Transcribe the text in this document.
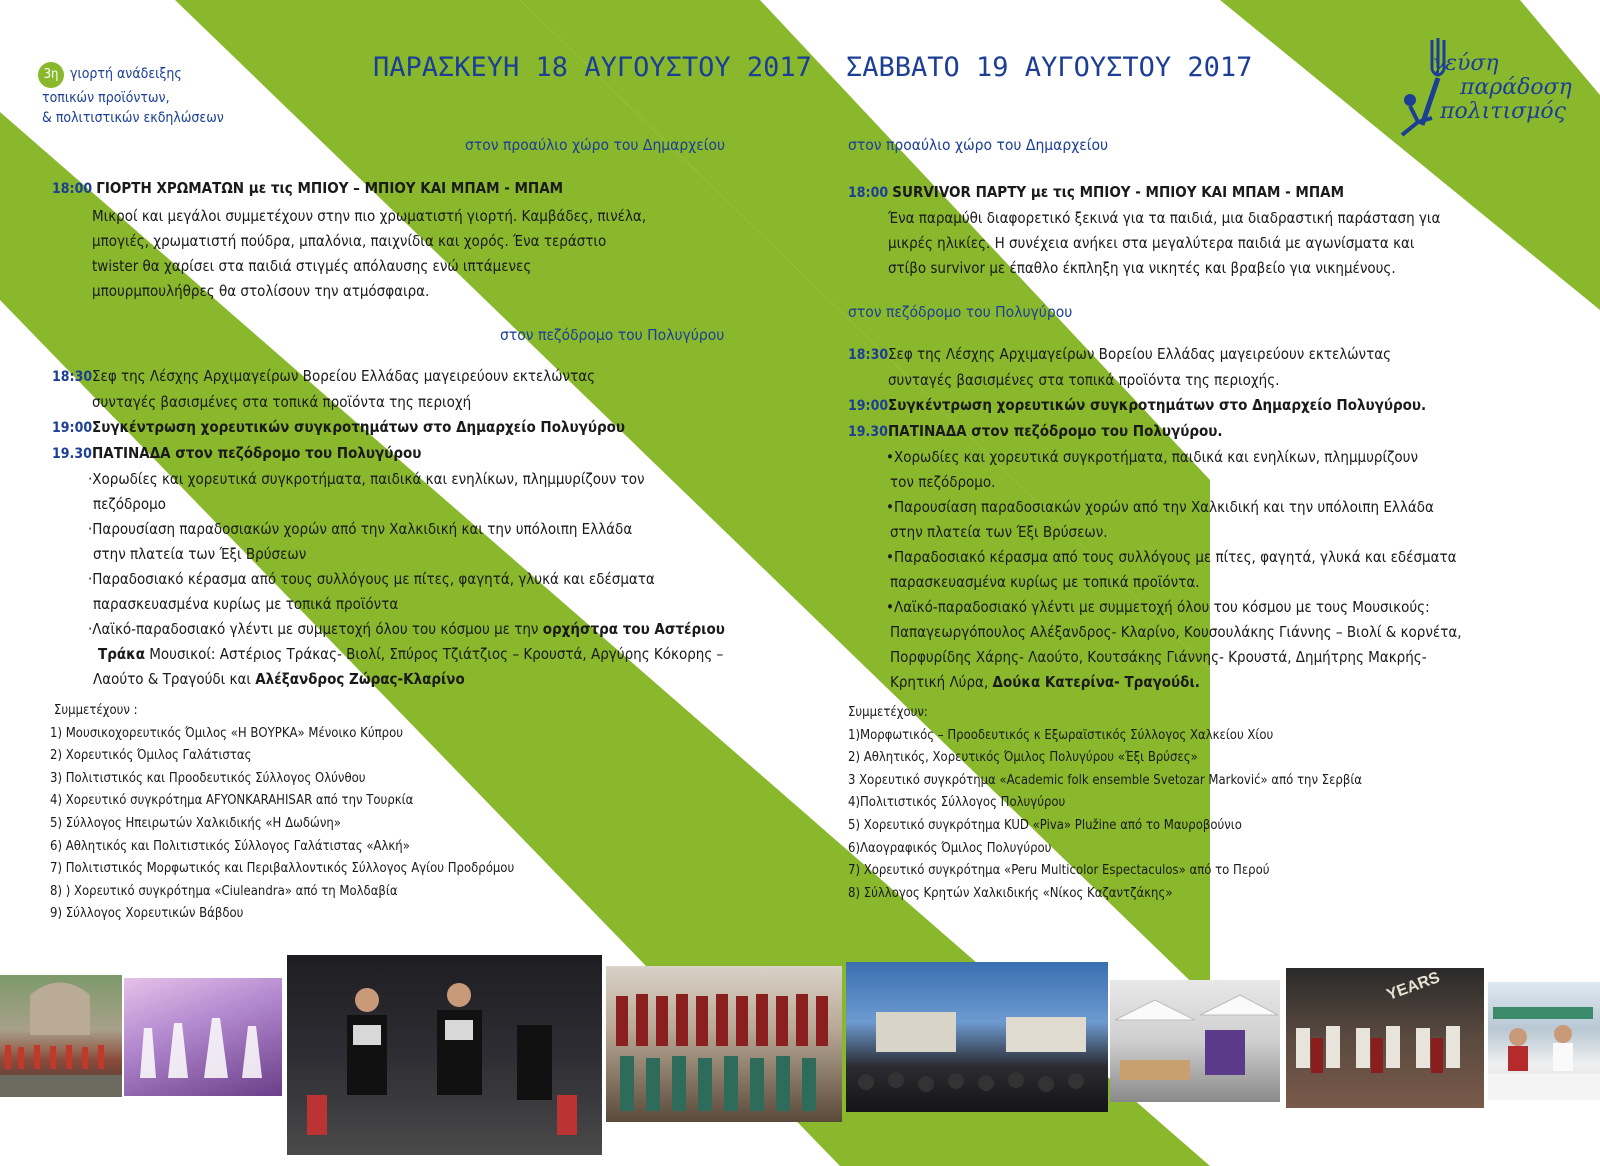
3η γιορτή ανάδειξης
τοπικών προϊόντων,
& πολιτιστικών εκδηλώσεων
γεύση
παράδοση
πολιτισμός
ΠΑΡΑΣΚΕΥΗ 18 ΑΥΓΟΥΣΤΟΥ 2017
στον προαύλιο χώρο του Δημαρχείου
18:00 ΓΙΟΡΤΗ ΧΡΩΜΑΤΩΝ με τις ΜΠΙΟΥ – ΜΠΙΟΥ ΚΑΙ ΜΠΑΜ - ΜΠΑΜ
Μικροί και μεγάλοι συμμετέχουν στην πιο χρωματιστή γιορτή. Καμβάδες, πινέλα,
μπογιές, χρωματιστή πούδρα, μπαλόνια, παιχνίδια και χορός. Ένα τεράστιο
twister θα χαρίσει στα παιδιά στιγμές απόλαυσης ενώ ιπτάμενες
μπουρμπουλήθρες θα στολίσουν την ατμόσφαιρα.
στον πεζόδρομο του Πολυγύρου
18:30Σεφ της Λέσχης Αρχιμαγείρων Βορείου Ελλάδας μαγειρεύουν εκτελώντας
συνταγές βασισμένες στα τοπικά προϊόντα της περιοχή
19:00Συγκέντρωση χορευτικών συγκροτημάτων στο Δημαρχείο Πολυγύρου
19.30ΠΑΤΙΝΑΔΑ στον πεζόδρομο του Πολυγύρου
·Χορωδίες και χορευτικά συγκροτήματα, παιδικά και ενηλίκων, πλημμυρίζουν τον
πεζόδρομο
·Παρουσίαση παραδοσιακών χορών από την Χαλκιδική και την υπόλοιπη Ελλάδα
στην πλατεία των Έξι Βρύσεων
·Παραδοσιακό κέρασμα από τους συλλόγους με πίτες, φαγητά, γλυκά και εδέσματα
παρασκευασμένα κυρίως με τοπικά προϊόντα
·Λαϊκό-παραδοσιακό γλέντι με συμμετοχή όλου του κόσμου με την ορχήστρα του Αστέριου
Τράκα Μουσικοί: Αστέριος Τράκας- Βιολί, Σπύρος Τζιάτζιος – Κρουστά, Αργύρης Κόκορης –
Λαούτο & Τραγούδι και Αλέξανδρος Ζώρας-Κλαρίνο
Συμμετέχουν :
1) Μουσικοχορευτικός Όμιλος «Η ΒΟΥΡΚΑ» Μένοικο Κύπρου
2) Χορευτικός Όμιλος Γαλάτιστας
3) Πολιτιστικός και Προοδευτικός Σύλλογος Ολύνθου
4) Χορευτικό συγκρότημα AFYONKARAHISAR από την Τουρκία
5) Σύλλογος Ηπειρωτών Χαλκιδικής «Η Δωδώνη»
6) Αθλητικός και Πολιτιστικός Σύλλογος Γαλάτιστας «Αλκή»
7) Πολιτιστικός Μορφωτικός και Περιβαλλοντικός Σύλλογος Αγίου Προδρόμου
8) ) Χορευτικό συγκρότημα «Ciuleandra» από τη Μολδαβία
9) Σύλλογος Χορευτικών Βάβδου
ΣΑΒΒΑΤΟ 19 ΑΥΓΟΥΣΤΟΥ 2017
στον προαύλιο χώρο του Δημαρχείου
18:00 SURVIVOR ΠΑΡΤΥ με τις ΜΠΙΟΥ - ΜΠΙΟΥ ΚΑΙ ΜΠΑΜ - ΜΠΑΜ
Ένα παραμύθι διαφορετικό ξεκινά για τα παιδιά, μια διαδραστική παράσταση για
μικρές ηλικίες. Η συνέχεια ανήκει στα μεγαλύτερα παιδιά με αγωνίσματα και
στίβο survivor με έπαθλο έκπληξη για νικητές και βραβείο για νικημένους.
στον πεζόδρομο του Πολυγύρου
18:30Σεφ της Λέσχης Αρχιμαγείρων Βορείου Ελλάδας μαγειρεύουν εκτελώντας
συνταγές βασισμένες στα τοπικά προϊόντα της περιοχής.
19:00Συγκέντρωση χορευτικών συγκροτημάτων στο Δημαρχείο Πολυγύρου.
19.30ΠΑΤΙΝΑΔΑ στον πεζόδρομο του Πολυγύρου.
•Χορωδίες και χορευτικά συγκροτήματα, παιδικά και ενηλίκων, πλημμυρίζουν
τον πεζόδρομο.
•Παρουσίαση παραδοσιακών χορών από την Χαλκιδική και την υπόλοιπη Ελλάδα
στην πλατεία των Έξι Βρύσεων.
•Παραδοσιακό κέρασμα από τους συλλόγους με πίτες, φαγητά, γλυκά και εδέσματα
παρασκευασμένα κυρίως με τοπικά προϊόντα.
•Λαϊκό-παραδοσιακό γλέντι με συμμετοχή όλου του κόσμου με τους Μουσικούς:
Παπαγεωργόπουλος Αλέξανδρος- Κλαρίνο, Κουσουλάκης Γιάννης – Βιολί & κορνέτα,
Πορφυρίδης Χάρης- Λαούτο, Κουτσάκης Γιάννης- Κρουστά, Δημήτρης Μακρής-
Κρητική Λύρα, Δούκα Κατερίνα- Τραγούδι.
Συμμετέχουν:
1)Μορφωτικός – Προοδευτικός κ Εξωραϊστικός Σύλλογος Χαλκείου Χίου
2) Αθλητικός, Χορευτικός Όμιλος Πολυγύρου «Έξι Βρύσες»
3 Χορευτικό συγκρότημα «Academic folk ensemble Svetozar Marković» από την Σερβία
4)Πολιτιστικός Σύλλογος Πολυγύρου
5) Χορευτικό συγκρότημα KUD «Piva» Plužine από το Μαυροβούνιο
6)Λαογραφικός Όμιλος Πολυγύρου
7) Χορευτικό συγκρότημα «Peru Multicolor Espectaculos» από το Περού
8) Σύλλογος Κρητών Χαλκιδικής «Νίκος Καζαντζάκης»
YEARS
